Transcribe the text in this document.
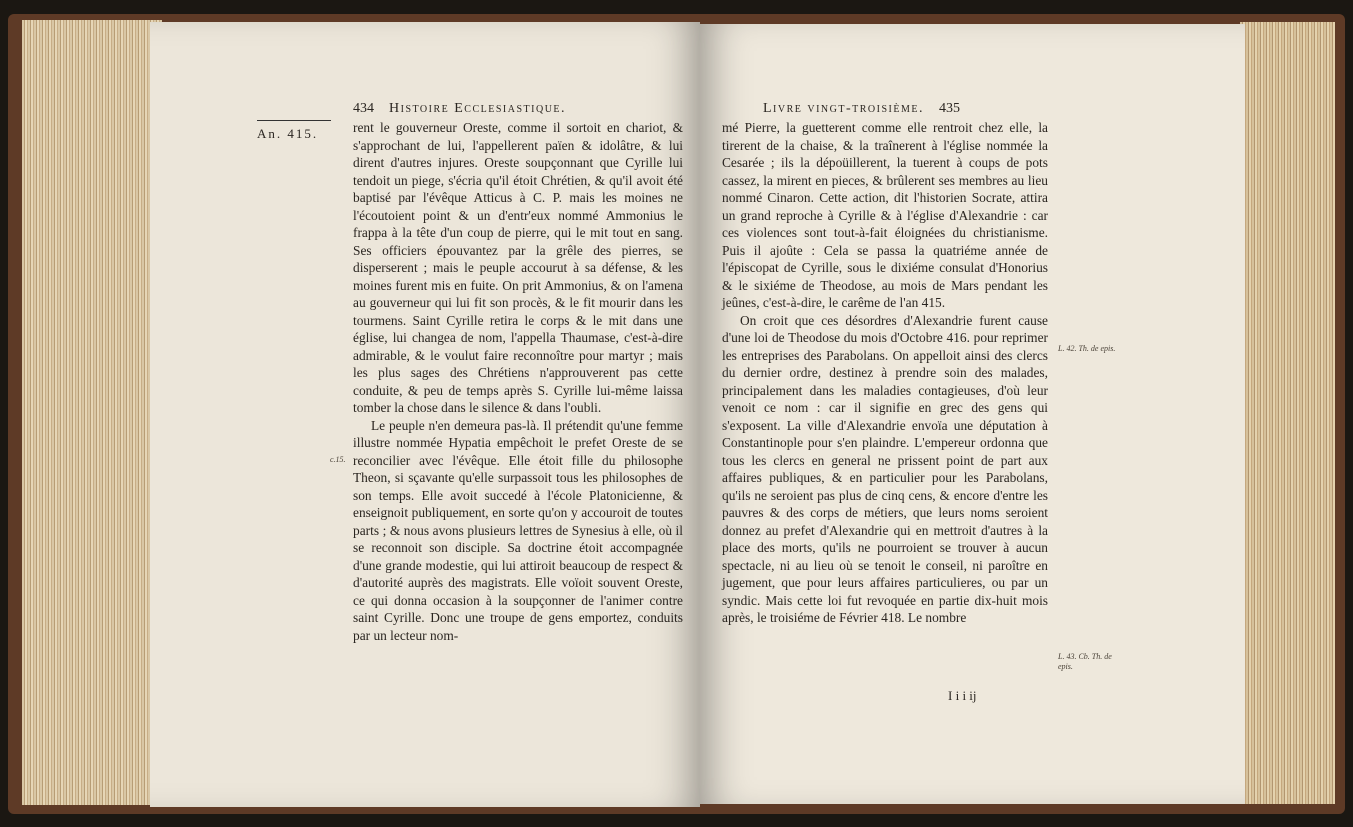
434 Histoire Ecclesiastique.
An. 415.
c.15.

rent le gouverneur Oreste, comme il sortoit en chariot, & s'approchant de lui, l'appellerent païen & idolâtre, & lui dirent d'autres injures. Oreste soupçonnant que Cyrille lui tendoit un piege, s'écria qu'il étoit Chrétien, & qu'il avoit été baptisé par l'évêque Atticus à C. P. mais les moines ne l'écoutoient point & un d'entr'eux nommé Ammonius le frappa à la tête d'un coup de pierre, qui le mit tout en sang. Ses officiers épouvantez par la grêle des pierres, se disperserent ; mais le peuple accourut à sa défense, & les moines furent mis en fuite. On prit Ammonius, & on l'amena au gouverneur qui lui fit son procès, & le fit mourir dans les tourmens. Saint Cyrille retira le corps & le mit dans une église, lui changea de nom, l'appella Thaumase, c'est-à-dire admirable, & le voulut faire reconnoître pour martyr ; mais les plus sages des Chrétiens n'approuverent pas cette conduite, & peu de temps après S. Cyrille lui-même laissa tomber la chose dans le silence & dans l'oubli.

Le peuple n'en demeura pas-là. Il prétendit qu'une femme illustre nommée Hypatia empêchoit le prefet Oreste de se reconcilier avec l'évêque. Elle étoit fille du philosophe Theon, si sçavante qu'elle surpassoit tous les philosophes de son temps. Elle avoit succedé à l'école Platonicienne, & enseignoit publiquement, en sorte qu'on y accouroit de toutes parts ; & nous avons plusieurs lettres de Synesius à elle, où il se reconnoit son disciple. Sa doctrine étoit accompagnée d'une grande modestie, qui lui attiroit beaucoup de respect & d'autorité auprès des magistrats. Elle voïoit souvent Oreste, ce qui donna occasion à la soupçonner de l'animer contre saint Cyrille. Donc une troupe de gens emportez, conduits par un lecteur nom-

Livre vingt-troisième. 435

mé Pierre, la guetterent comme elle rentroit chez elle, la tirerent de la chaise, & la traînerent à l'église nommée la Cesarée ; ils la dépoüillerent, la tuerent à coups de pots cassez, la mirent en pieces, & brûlerent ses membres au lieu nommé Cinaron. Cette action, dit l'historien Socrate, attira un grand reproche à Cyrille & à l'église d'Alexandrie : car ces violences sont tout-à-fait éloignées du christianisme. Puis il ajoûte : Cela se passa la quatriéme année de l'épiscopat de Cyrille, sous le dixiéme consulat d'Honorius & le sixiéme de Theodose, au mois de Mars pendant les jeûnes, c'est-à-dire, le carême de l'an 415.

On croit que ces désordres d'Alexandrie furent cause d'une loi de Theodose du mois d'Octobre 416. pour reprimer les entreprises des Parabolans. On appelloit ainsi des clercs du dernier ordre, destinez à prendre soin des malades, principalement dans les maladies contagieuses, d'où leur venoit ce nom : car il signifie en grec des gens qui s'exposent. La ville d'Alexandrie envoïa une députation à Constantinople pour s'en plaindre. L'empereur ordonna que tous les clercs en general ne prissent point de part aux affaires publiques, & en particulier pour les Parabolans, qu'ils ne seroient pas plus de cinq cens, & encore d'entre les pauvres & des corps de métiers, que leurs noms seroient donnez au prefet d'Alexandrie qui en mettroit d'autres à la place des morts, qu'ils ne pourroient se trouver à aucun spectacle, ni au lieu où se tenoit le conseil, ni paroître en jugement, que pour leurs affaires particulieres, ou par un syndic. Mais cette loi fut revoquée en partie dix-huit mois après, le troisiéme de Février 418. Le nombre

L. 42. Th. de epis.
L. 43. Cb. Th. de epis.
I i i ij
